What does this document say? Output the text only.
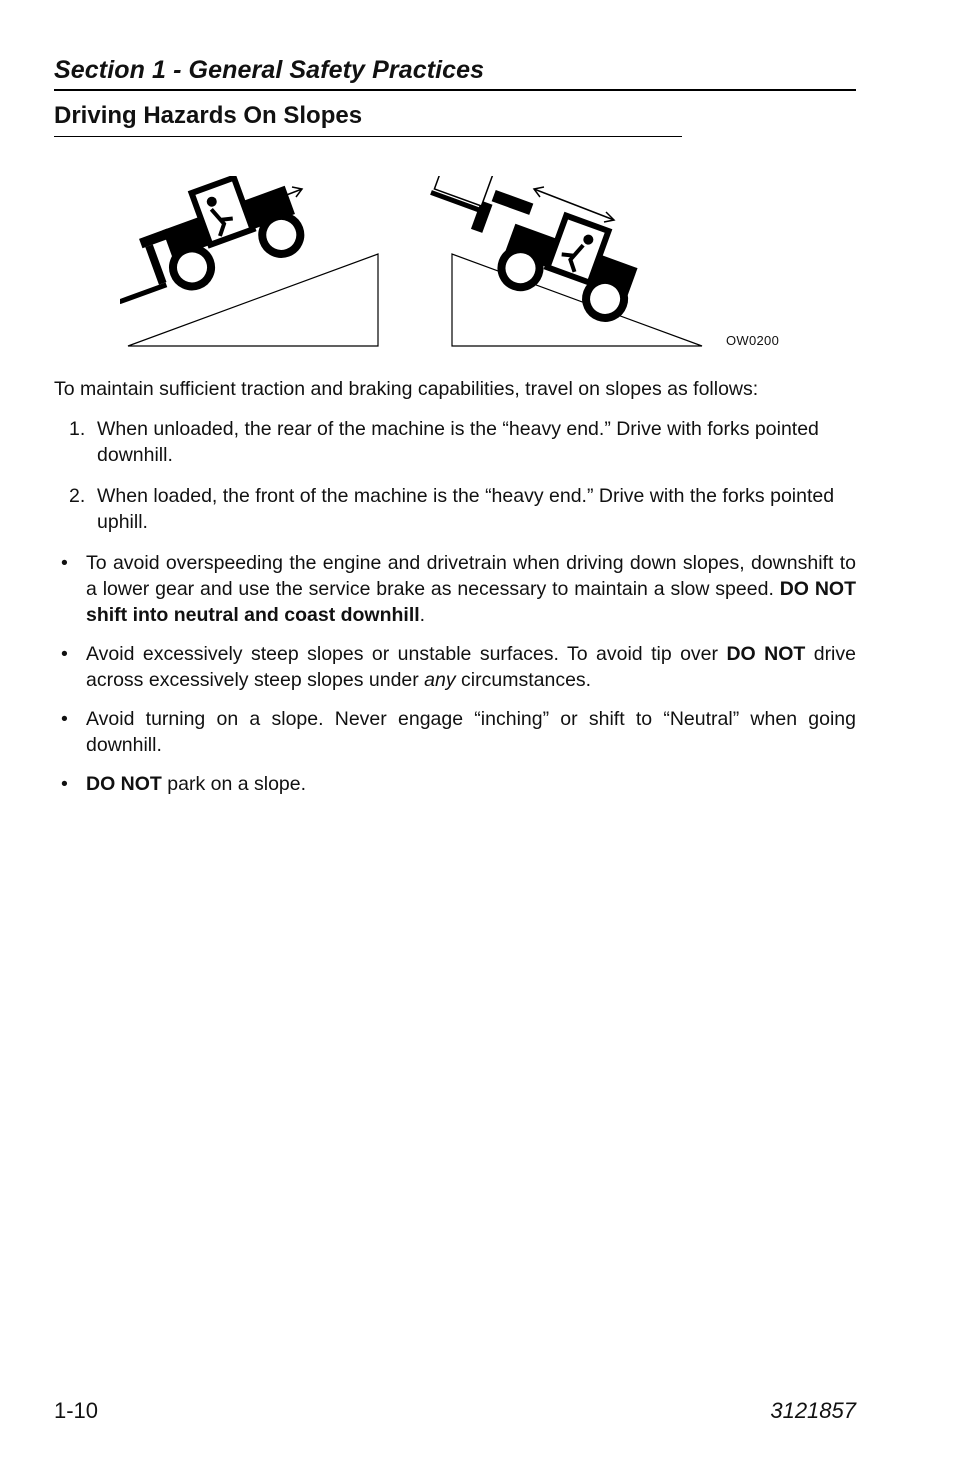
Section 1 - General Safety Practices
Driving Hazards On Slopes
OW0200

To maintain sufficient traction and braking capabilities, travel on slopes as follows:

1. When unloaded, the rear of the machine is the “heavy end.” Drive with forks pointed downhill.
2. When loaded, the front of the machine is the “heavy end.” Drive with the forks pointed uphill.
• To avoid overspeeding the engine and drivetrain when driving down slopes, downshift to a lower gear and use the service brake as necessary to maintain a slow speed. DO NOT shift into neutral and coast downhill.
• Avoid excessively steep slopes or unstable surfaces. To avoid tip over DO NOT drive across excessively steep slopes under any circumstances.
• Avoid turning on a slope. Never engage “inching” or shift to “Neutral” when going downhill.
• DO NOT park on a slope.
1-10	3121857
